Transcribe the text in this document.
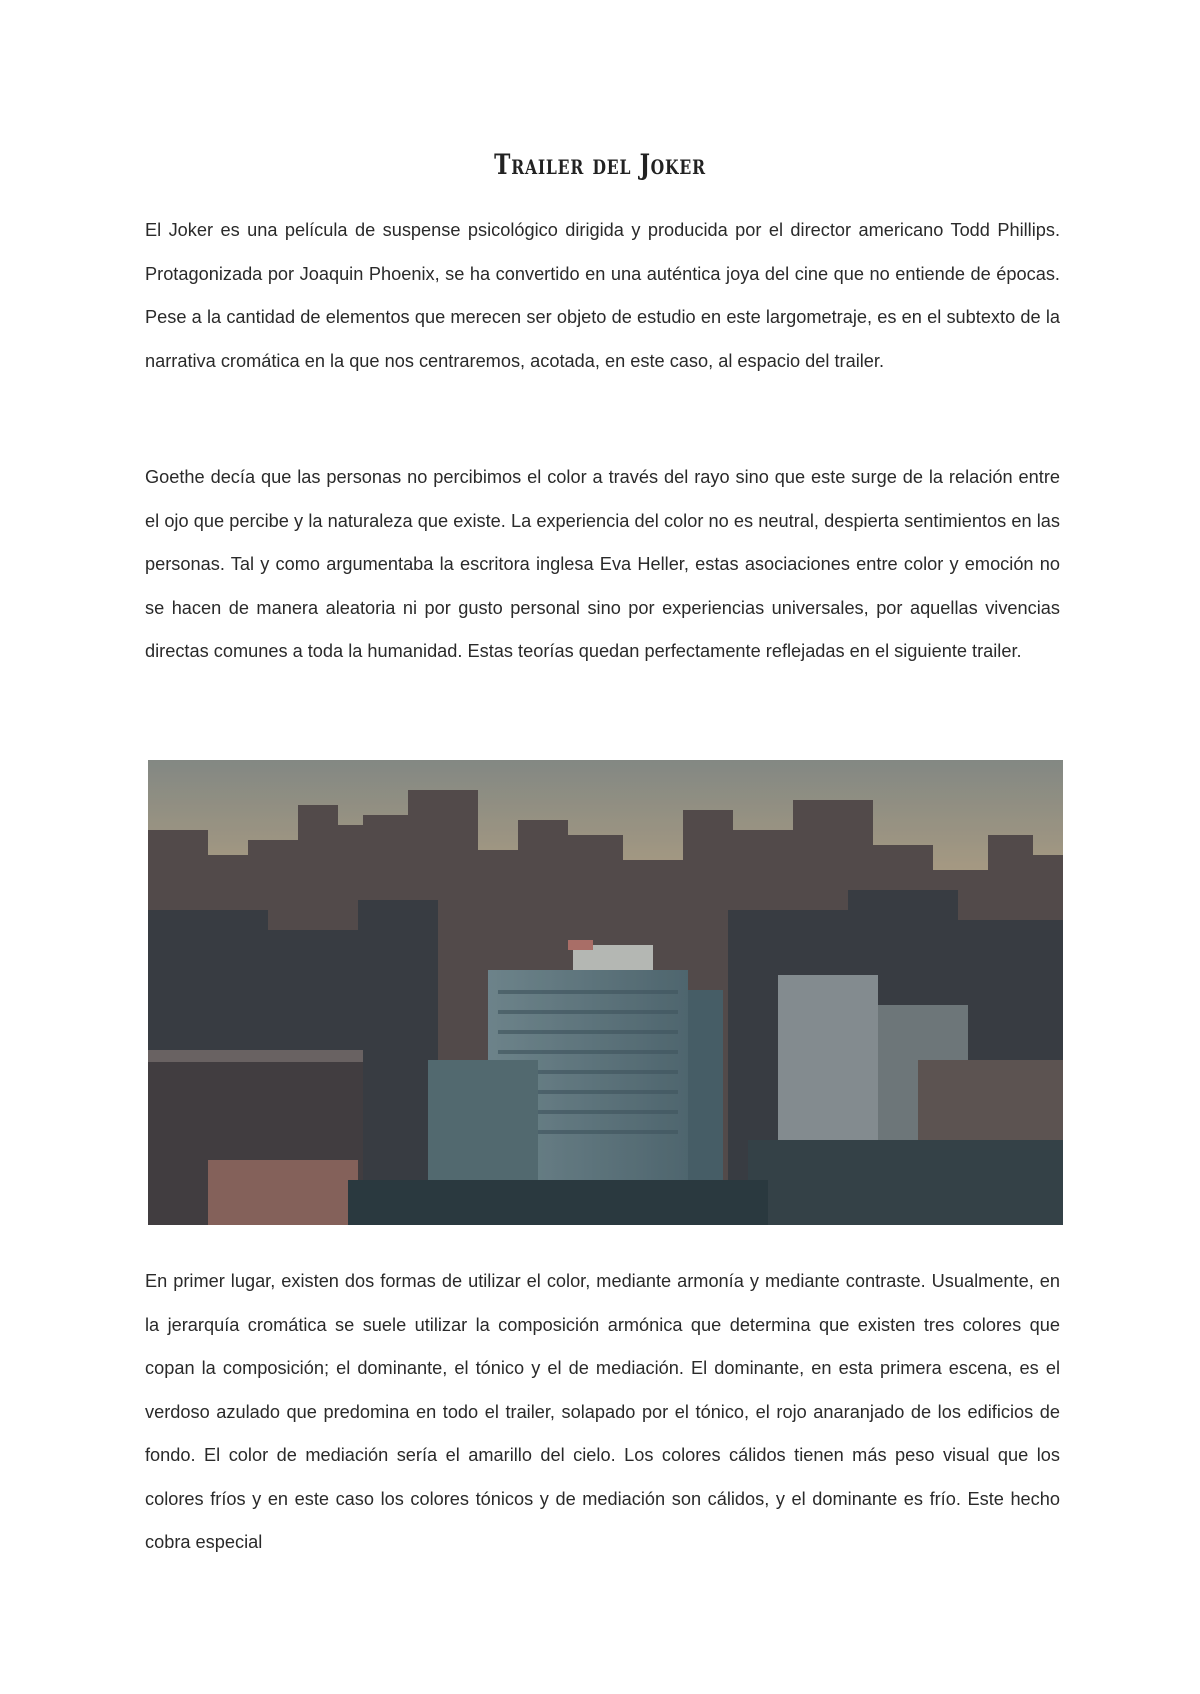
Trailer del Joker

El Joker es una película de suspense psicológico dirigida y producida por el director americano Todd Phillips. Protagonizada por Joaquin Phoenix, se ha convertido en una auténtica joya del cine que no entiende de épocas. Pese a la cantidad de elementos que merecen ser objeto de estudio en este largometraje, es en el subtexto de la narrativa cromática en la que nos centraremos, acotada, en este caso, al espacio del trailer.

Goethe decía que las personas no percibimos el color a través del rayo sino que este surge de la relación entre el ojo que percibe y la naturaleza que existe. La experiencia del color no es neutral, despierta sentimientos en las personas. Tal y como argumentaba la escritora inglesa Eva Heller, estas asociaciones entre color y emoción no se hacen de manera aleatoria ni por gusto personal sino por experiencias universales, por aquellas vivencias directas comunes a toda la humanidad. Estas teorías quedan perfectamente reflejadas en el siguiente trailer.

En primer lugar, existen dos formas de utilizar el color, mediante armonía y mediante contraste. Usualmente, en la jerarquía cromática se suele utilizar la composición armónica que determina que existen tres colores que copan la composición; el dominante, el tónico y el de mediación. El dominante, en esta primera escena, es el verdoso azulado que predomina en todo el trailer, solapado por el tónico, el rojo anaranjado de los edificios de fondo. El color de mediación sería el amarillo del cielo. Los colores cálidos tienen más peso visual que los colores fríos y en este caso los colores tónicos y de mediación son cálidos, y el dominante es frío. Este hecho cobra especial
